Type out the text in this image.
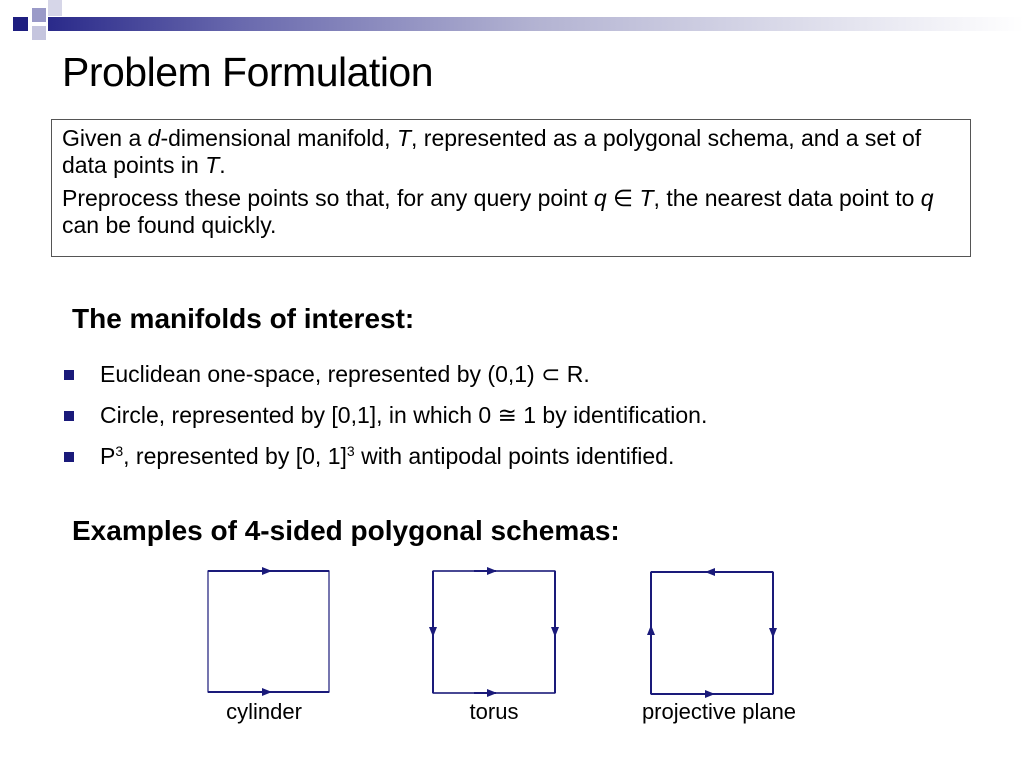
Problem Formulation

Given a d-dimensional manifold, T, represented as a polygonal schema, and a set of data points in T.

Preprocess these points so that, for any query point q ∈ T, the nearest data point to q can be found quickly.

The manifolds of interest:
Euclidean one-space, represented by (0,1) ⊂ R.
Circle, represented by [0,1], in which 0 ≅ 1 by identification.
$P^3$, represented by [0, 1]$^3$ with antipodal points identified.
Examples of 4-sided polygonal schemas:
cylinder	torus	projective plane
